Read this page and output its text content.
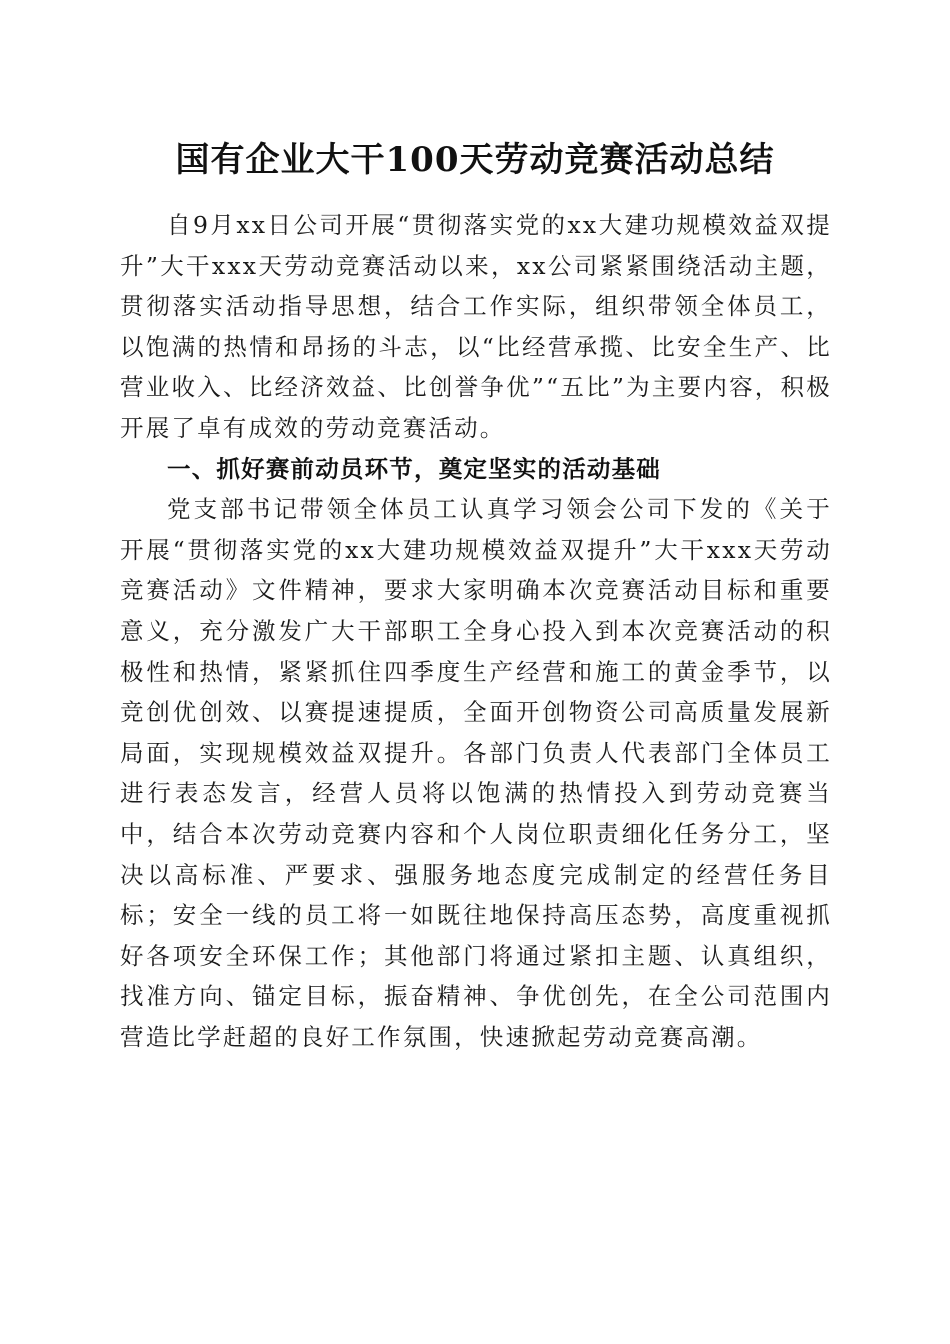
国有企业大干100天劳动竞赛活动总结

自9月xx日公司开展“贯彻落实党的xx大建功规模效益双提升”大干xxx天劳动竞赛活动以来，xx公司紧紧围绕活动主题，贯彻落实活动指导思想，结合工作实际，组织带领全体员工，以饱满的热情和昂扬的斗志，以“比经营承揽、比安全生产、比营业收入、比经济效益、比创誉争优”“五比”为主要内容，积极开展了卓有成效的劳动竞赛活动。

一、抓好赛前动员环节，奠定坚实的活动基础

党支部书记带领全体员工认真学习领会公司下发的《关于开展“贯彻落实党的xx大建功规模效益双提升”大干xxx天劳动竞赛活动》文件精神，要求大家明确本次竞赛活动目标和重要意义，充分激发广大干部职工全身心投入到本次竞赛活动的积极性和热情，紧紧抓住四季度生产经营和施工的黄金季节，以竞创优创效、以赛提速提质，全面开创物资公司高质量发展新局面，实现规模效益双提升。各部门负责人代表部门全体员工进行表态发言，经营人员将以饱满的热情投入到劳动竞赛当中，结合本次劳动竞赛内容和个人岗位职责细化任务分工，坚决以高标准、严要求、强服务地态度完成制定的经营任务目标；安全一线的员工将一如既往地保持高压态势，高度重视抓好各项安全环保工作；其他部门将通过紧扣主题、认真组织，找准方向、锚定目标，振奋精神、争优创先，在全公司范围内营造比学赶超的良好工作氛围，快速掀起劳动竞赛高潮。
